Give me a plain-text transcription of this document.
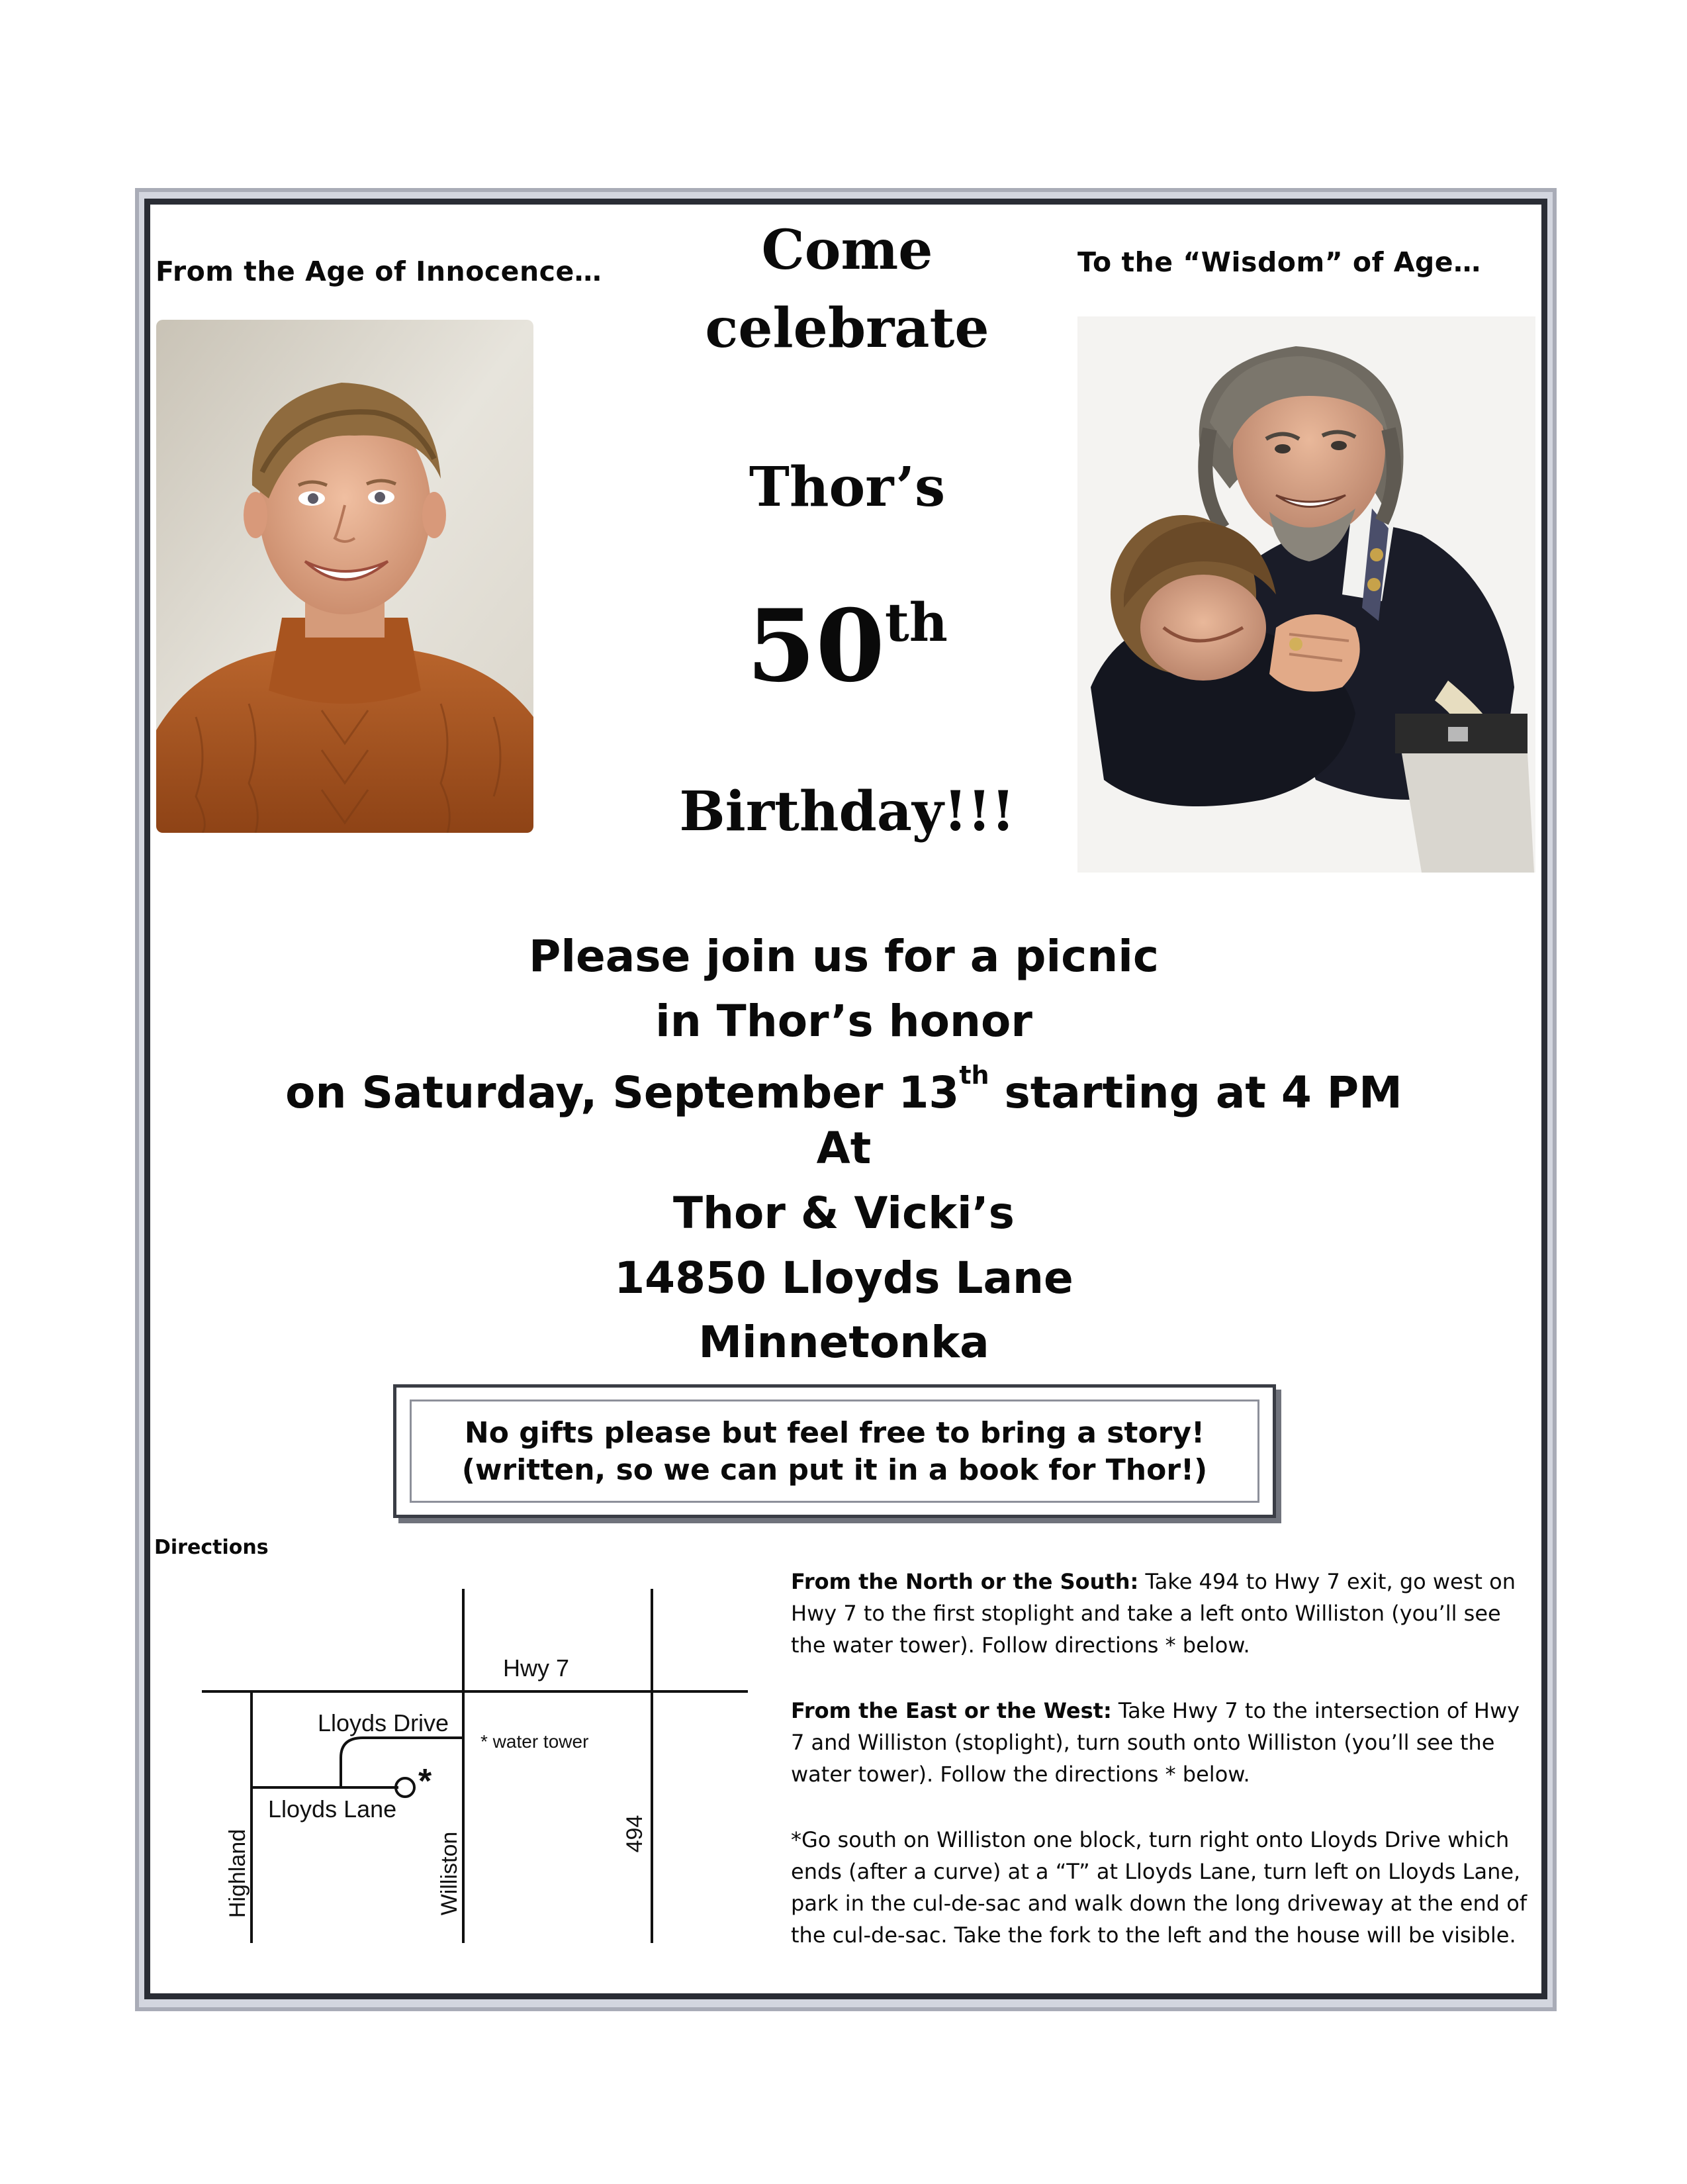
From the Age of Innocence…	To the “Wisdom” of Age…
Come
celebrate
Thor’s
50th
Birthday!!!
Please join us for a picnic
in Thor’s honor
on Saturday, September 13th starting at 4 PM
At
Thor & Vicki’s
14850 Lloyds Lane
Minnetonka
No gifts please but feel free to bring a story!
(written, so we can put it in a book for Thor!)
Directions
Hwy 7
Lloyds Drive
* water tower
Lloyds Lane
*
Highland	Williston	494
From the North or the South: Take 494 to Hwy 7 exit, go west on Hwy 7 to the first stoplight and take a left onto Williston (you’ll see the water tower). Follow directions * below.
From the East or the West: Take Hwy 7 to the intersection of Hwy 7 and Williston (stoplight), turn south onto Williston (you’ll see the water tower). Follow the directions * below.
*Go south on Williston one block, turn right onto Lloyds Drive which ends (after a curve) at a “T” at Lloyds Lane, turn left on Lloyds Lane, park in the cul-de-sac and walk down the long driveway at the end of the cul-de-sac. Take the fork to the left and the house will be visible.
